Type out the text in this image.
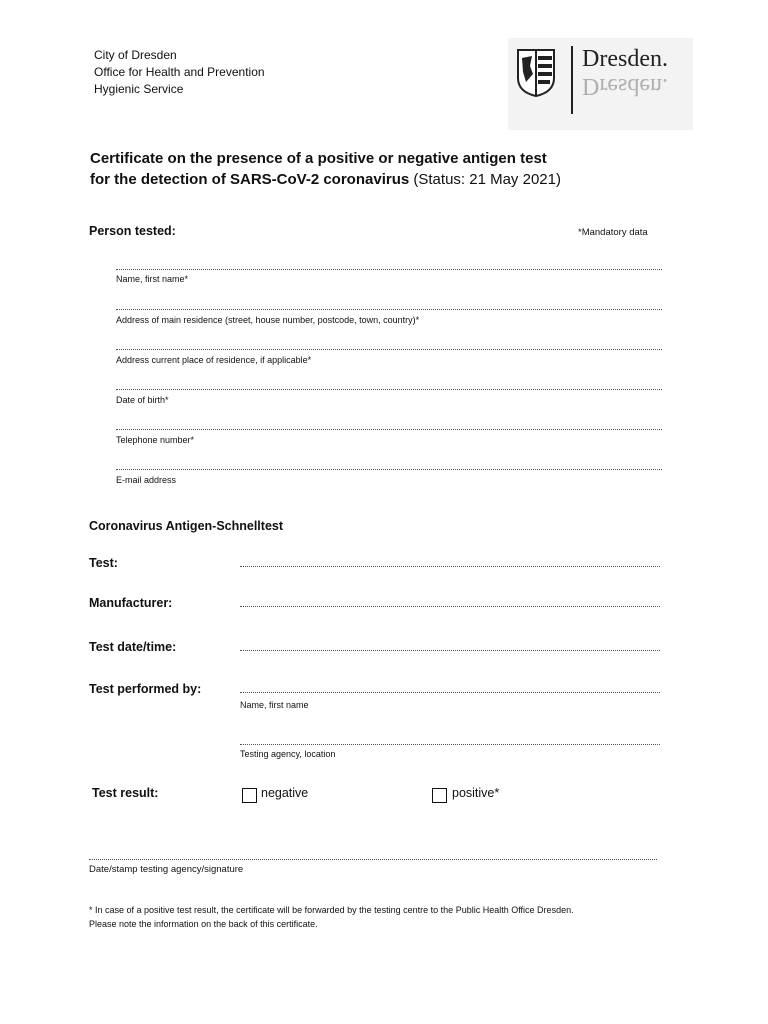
City of Dresden
Office for Health and Prevention
Hygienic Service
Dresden.
Dresden.
Certificate on the presence of a positive or negative antigen test
for the detection of SARS-CoV-2 coronavirus (Status: 21 May 2021)
Person tested:	*Mandatory data
Name, first name*
Address of main residence (street, house number, postcode, town, country)*
Address current place of residence, if applicable*
Date of birth*
Telephone number*
E-mail address
Coronavirus Antigen-Schnelltest
Test:
Manufacturer:
Test date/time:
Test performed by:
Name, first name
Testing agency, location
Test result:	negative	positive*
Date/stamp testing agency/signature
* In case of a positive test result, the certificate will be forwarded by the testing centre to the Public Health Office Dresden.
Please note the information on the back of this certificate.
